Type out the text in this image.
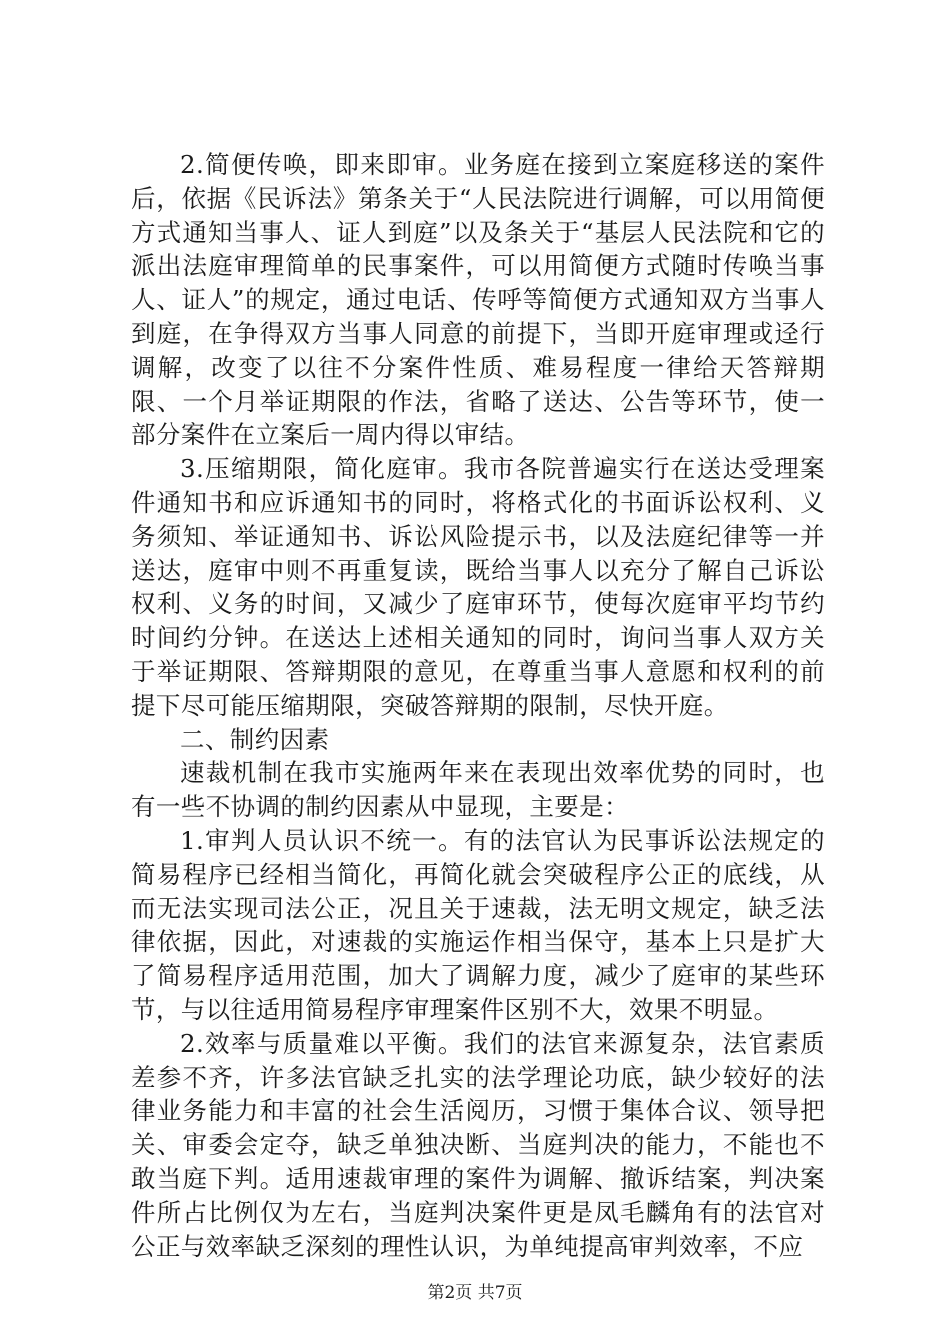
2.简便传唤，即来即审。业务庭在接到立案庭移送的案件后，依据《民诉法》第条关于“人民法院进行调解，可以用简便方式通知当事人、证人到庭”以及条关于“基层人民法院和它的派出法庭审理简单的民事案件，可以用简便方式随时传唤当事人、证人”的规定，通过电话、传呼等简便方式通知双方当事人到庭，在争得双方当事人同意的前提下，当即开庭审理或迳行调解，改变了以往不分案件性质、难易程度一律给天答辩期限、一个月举证期限的作法，省略了送达、公告等环节，使一部分案件在立案后一周内得以审结。

3.压缩期限，简化庭审。我市各院普遍实行在送达受理案件通知书和应诉通知书的同时，将格式化的书面诉讼权利、义务须知、举证通知书、诉讼风险提示书，以及法庭纪律等一并送达，庭审中则不再重复读，既给当事人以充分了解自己诉讼权利、义务的时间，又减少了庭审环节，使每次庭审平均节约时间约分钟。在送达上述相关通知的同时，询问当事人双方关于举证期限、答辩期限的意见，在尊重当事人意愿和权利的前提下尽可能压缩期限，突破答辩期的限制，尽快开庭。

二、制约因素

速裁机制在我市实施两年来在表现出效率优势的同时，也有一些不协调的制约因素从中显现，主要是：

1.审判人员认识不统一。有的法官认为民事诉讼法规定的简易程序已经相当简化，再简化就会突破程序公正的底线，从而无法实现司法公正，况且关于速裁，法无明文规定，缺乏法律依据，因此，对速裁的实施运作相当保守，基本上只是扩大了简易程序适用范围，加大了调解力度，减少了庭审的某些环节，与以往适用简易程序审理案件区别不大，效果不明显。

2.效率与质量难以平衡。我们的法官来源复杂，法官素质差参不齐，许多法官缺乏扎实的法学理论功底，缺少较好的法律业务能力和丰富的社会生活阅历，习惯于集体合议、领导把关、审委会定夺，缺乏单独决断、当庭判决的能力，不能也不敢当庭下判。适用速裁审理的案件为调解、撤诉结案，判决案件所占比例仅为左右，当庭判决案件更是凤毛麟角有的法官对公正与效率缺乏深刻的理性认识，为单纯提高审判效率，不应

第2页 共7页
